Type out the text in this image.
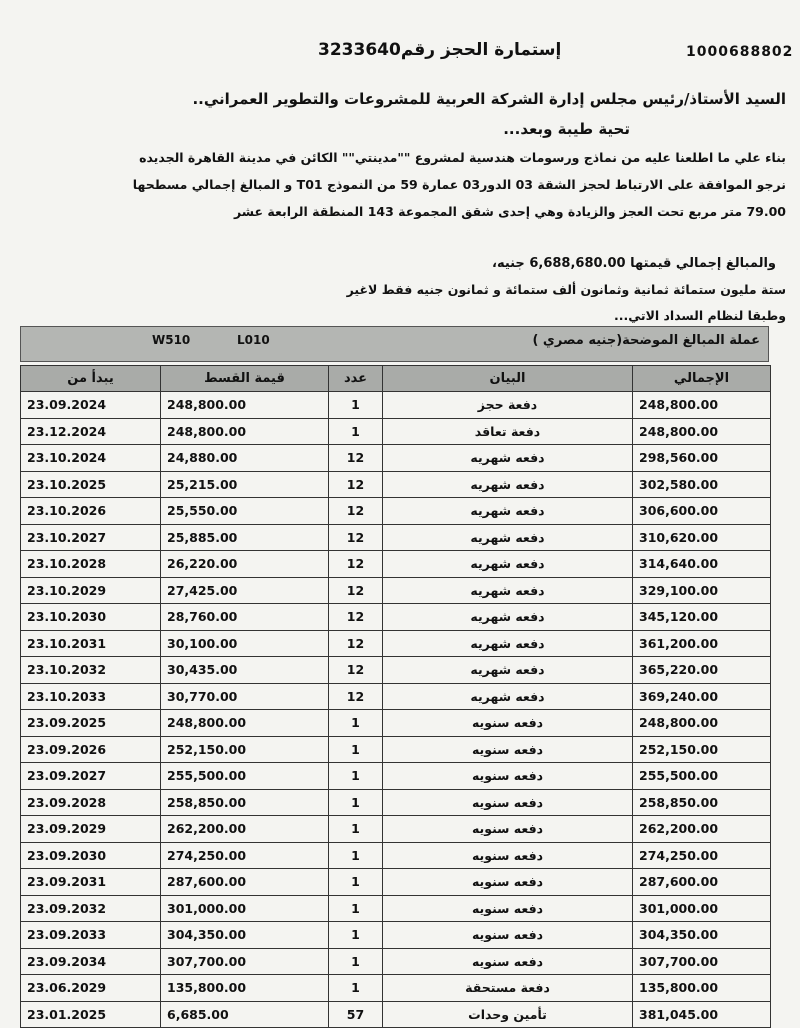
1000688802
إستمارة الحجز رقم3233640
السيد الأستاذ/رئيس مجلس إدارة الشركة العربية للمشروعات والتطوير العمراني..
تحية طيبة وبعد...
بناء علي ما اطلعنا عليه من نماذج ورسومات هندسية لمشروع ""مدينتي"" الكائن في مدينة القاهرة الجديده
نرجو الموافقة على الارتباط لحجز الشقة 03 الدور03 عمارة 59 من النموذج T01 و المبالغ إجمالي مسطحها
79.00 متر مربع تحت العجز والزيادة وهي إحدى شقق المجموعة 143 المنطقة الرابعة عشر
والمبالغ إجمالي قيمتها 6,688,680.00 جنيه،
ستة مليون ستمائة ثمانية وثمانون ألف ستمائة و ثمانون جنيه فقط لاغير
وطبقا لنظام السداد الاتي...
عملة المبالغ الموضحة(جنيه مصري )
W510	L010
يبدأ من	قيمة القسط	عدد	البيان	الإجمالي
23.09.2024	248,800.00	1	دفعة حجز	248,800.00
23.12.2024	248,800.00	1	دفعة تعاقد	248,800.00
23.10.2024	24,880.00	12	دفعه شهريه	298,560.00
23.10.2025	25,215.00	12	دفعه شهريه	302,580.00
23.10.2026	25,550.00	12	دفعه شهريه	306,600.00
23.10.2027	25,885.00	12	دفعه شهريه	310,620.00
23.10.2028	26,220.00	12	دفعه شهريه	314,640.00
23.10.2029	27,425.00	12	دفعه شهريه	329,100.00
23.10.2030	28,760.00	12	دفعه شهريه	345,120.00
23.10.2031	30,100.00	12	دفعه شهريه	361,200.00
23.10.2032	30,435.00	12	دفعه شهريه	365,220.00
23.10.2033	30,770.00	12	دفعه شهريه	369,240.00
23.09.2025	248,800.00	1	دفعه سنويه	248,800.00
23.09.2026	252,150.00	1	دفعه سنويه	252,150.00
23.09.2027	255,500.00	1	دفعه سنويه	255,500.00
23.09.2028	258,850.00	1	دفعه سنويه	258,850.00
23.09.2029	262,200.00	1	دفعه سنويه	262,200.00
23.09.2030	274,250.00	1	دفعه سنويه	274,250.00
23.09.2031	287,600.00	1	دفعه سنويه	287,600.00
23.09.2032	301,000.00	1	دفعه سنويه	301,000.00
23.09.2033	304,350.00	1	دفعه سنويه	304,350.00
23.09.2034	307,700.00	1	دفعه سنويه	307,700.00
23.06.2029	135,800.00	1	دفعة مستحقة	135,800.00
23.01.2025	6,685.00	57	تأمين وحدات	381,045.00
